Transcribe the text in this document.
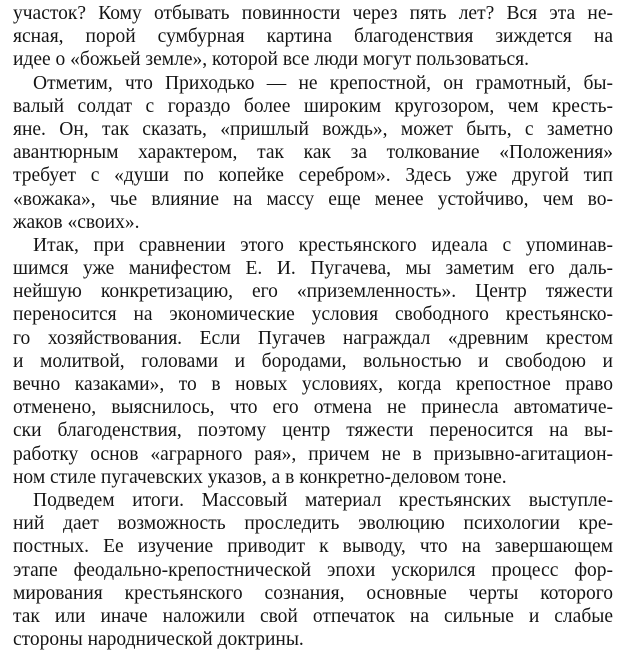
участок? Кому отбывать повинности через пять лет? Вся эта не-
ясная, порой сумбурная картина благоденствия зиждется на
идее о «божьей земле», которой все люди могут пользоваться.

Отметим, что Приходько — не крепостной, он грамотный, бы-
валый солдат с гораздо более широким кругозором, чем кресть-
яне. Он, так сказать, «пришлый вождь», может быть, с заметно
авантюрным характером, так как за толкование «Положения»
требует с «души по копейке серебром». Здесь уже другой тип
«вожака», чье влияние на массу еще менее устойчиво, чем во-
жаков «своих».

Итак, при сравнении этого крестьянского идеала с упоминав-
шимся уже манифестом Е. И. Пугачева, мы заметим его даль-
нейшую конкретизацию, его «приземленность». Центр тяжести
переносится на экономические условия свободного крестьянско-
го хозяйствования. Если Пугачев награждал «древним крестом
и молитвой, головами и бородами, вольностью и свободою и
вечно казаками», то в новых условиях, когда крепостное право
отменено, выяснилось, что его отмена не принесла автоматиче-
ски благоденствия, поэтому центр тяжести переносится на вы-
работку основ «аграрного рая», причем не в призывно-агитацион-
ном стиле пугачевских указов, а в конкретно-деловом тоне.

Подведем итоги. Массовый материал крестьянских выступле-
ний дает возможность проследить эволюцию психологии кре-
постных. Ее изучение приводит к выводу, что на завершающем
этапе феодально-крепостнической эпохи ускорился процесс фор-
мирования крестьянского сознания, основные черты которого
так или иначе наложили свой отпечаток на сильные и слабые
стороны народнической доктрины.
